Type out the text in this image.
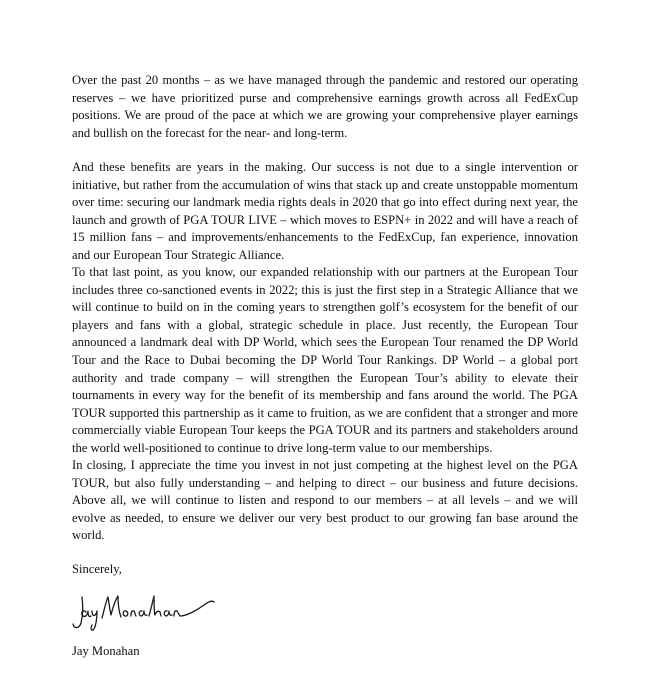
Over the past 20 months – as we have managed through the pandemic and restored our operating reserves – we have prioritized purse and comprehensive earnings growth across all FedExCup positions. We are proud of the pace at which we are growing your comprehensive player earnings and bullish on the forecast for the near- and long-term.

And these benefits are years in the making. Our success is not due to a single intervention or initiative, but rather from the accumulation of wins that stack up and create unstoppable momentum over time: securing our landmark media rights deals in 2020 that go into effect during next year, the launch and growth of PGA TOUR LIVE – which moves to ESPN+ in 2022 and will have a reach of 15 million fans – and improvements/enhancements to the FedExCup, fan experience, innovation and our European Tour Strategic Alliance.

To that last point, as you know, our expanded relationship with our partners at the European Tour includes three co-sanctioned events in 2022; this is just the first step in a Strategic Alliance that we will continue to build on in the coming years to strengthen golf’s ecosystem for the benefit of our players and fans with a global, strategic schedule in place. Just recently, the European Tour announced a landmark deal with DP World, which sees the European Tour renamed the DP World Tour and the Race to Dubai becoming the DP World Tour Rankings. DP World – a global port authority and trade company – will strengthen the European Tour’s ability to elevate their tournaments in every way for the benefit of its membership and fans around the world. The PGA TOUR supported this partnership as it came to fruition, as we are confident that a stronger and more commercially viable European Tour keeps the PGA TOUR and its partners and stakeholders around the world well-positioned to continue to drive long-term value to our memberships.

In closing, I appreciate the time you invest in not just competing at the highest level on the PGA TOUR, but also fully understanding – and helping to direct – our business and future decisions. Above all, we will continue to listen and respond to our members – at all levels – and we will evolve as needed, to ensure we deliver our very best product to our growing fan base around the world.

Sincerely,

Jay Monahan

Jay Monahan
